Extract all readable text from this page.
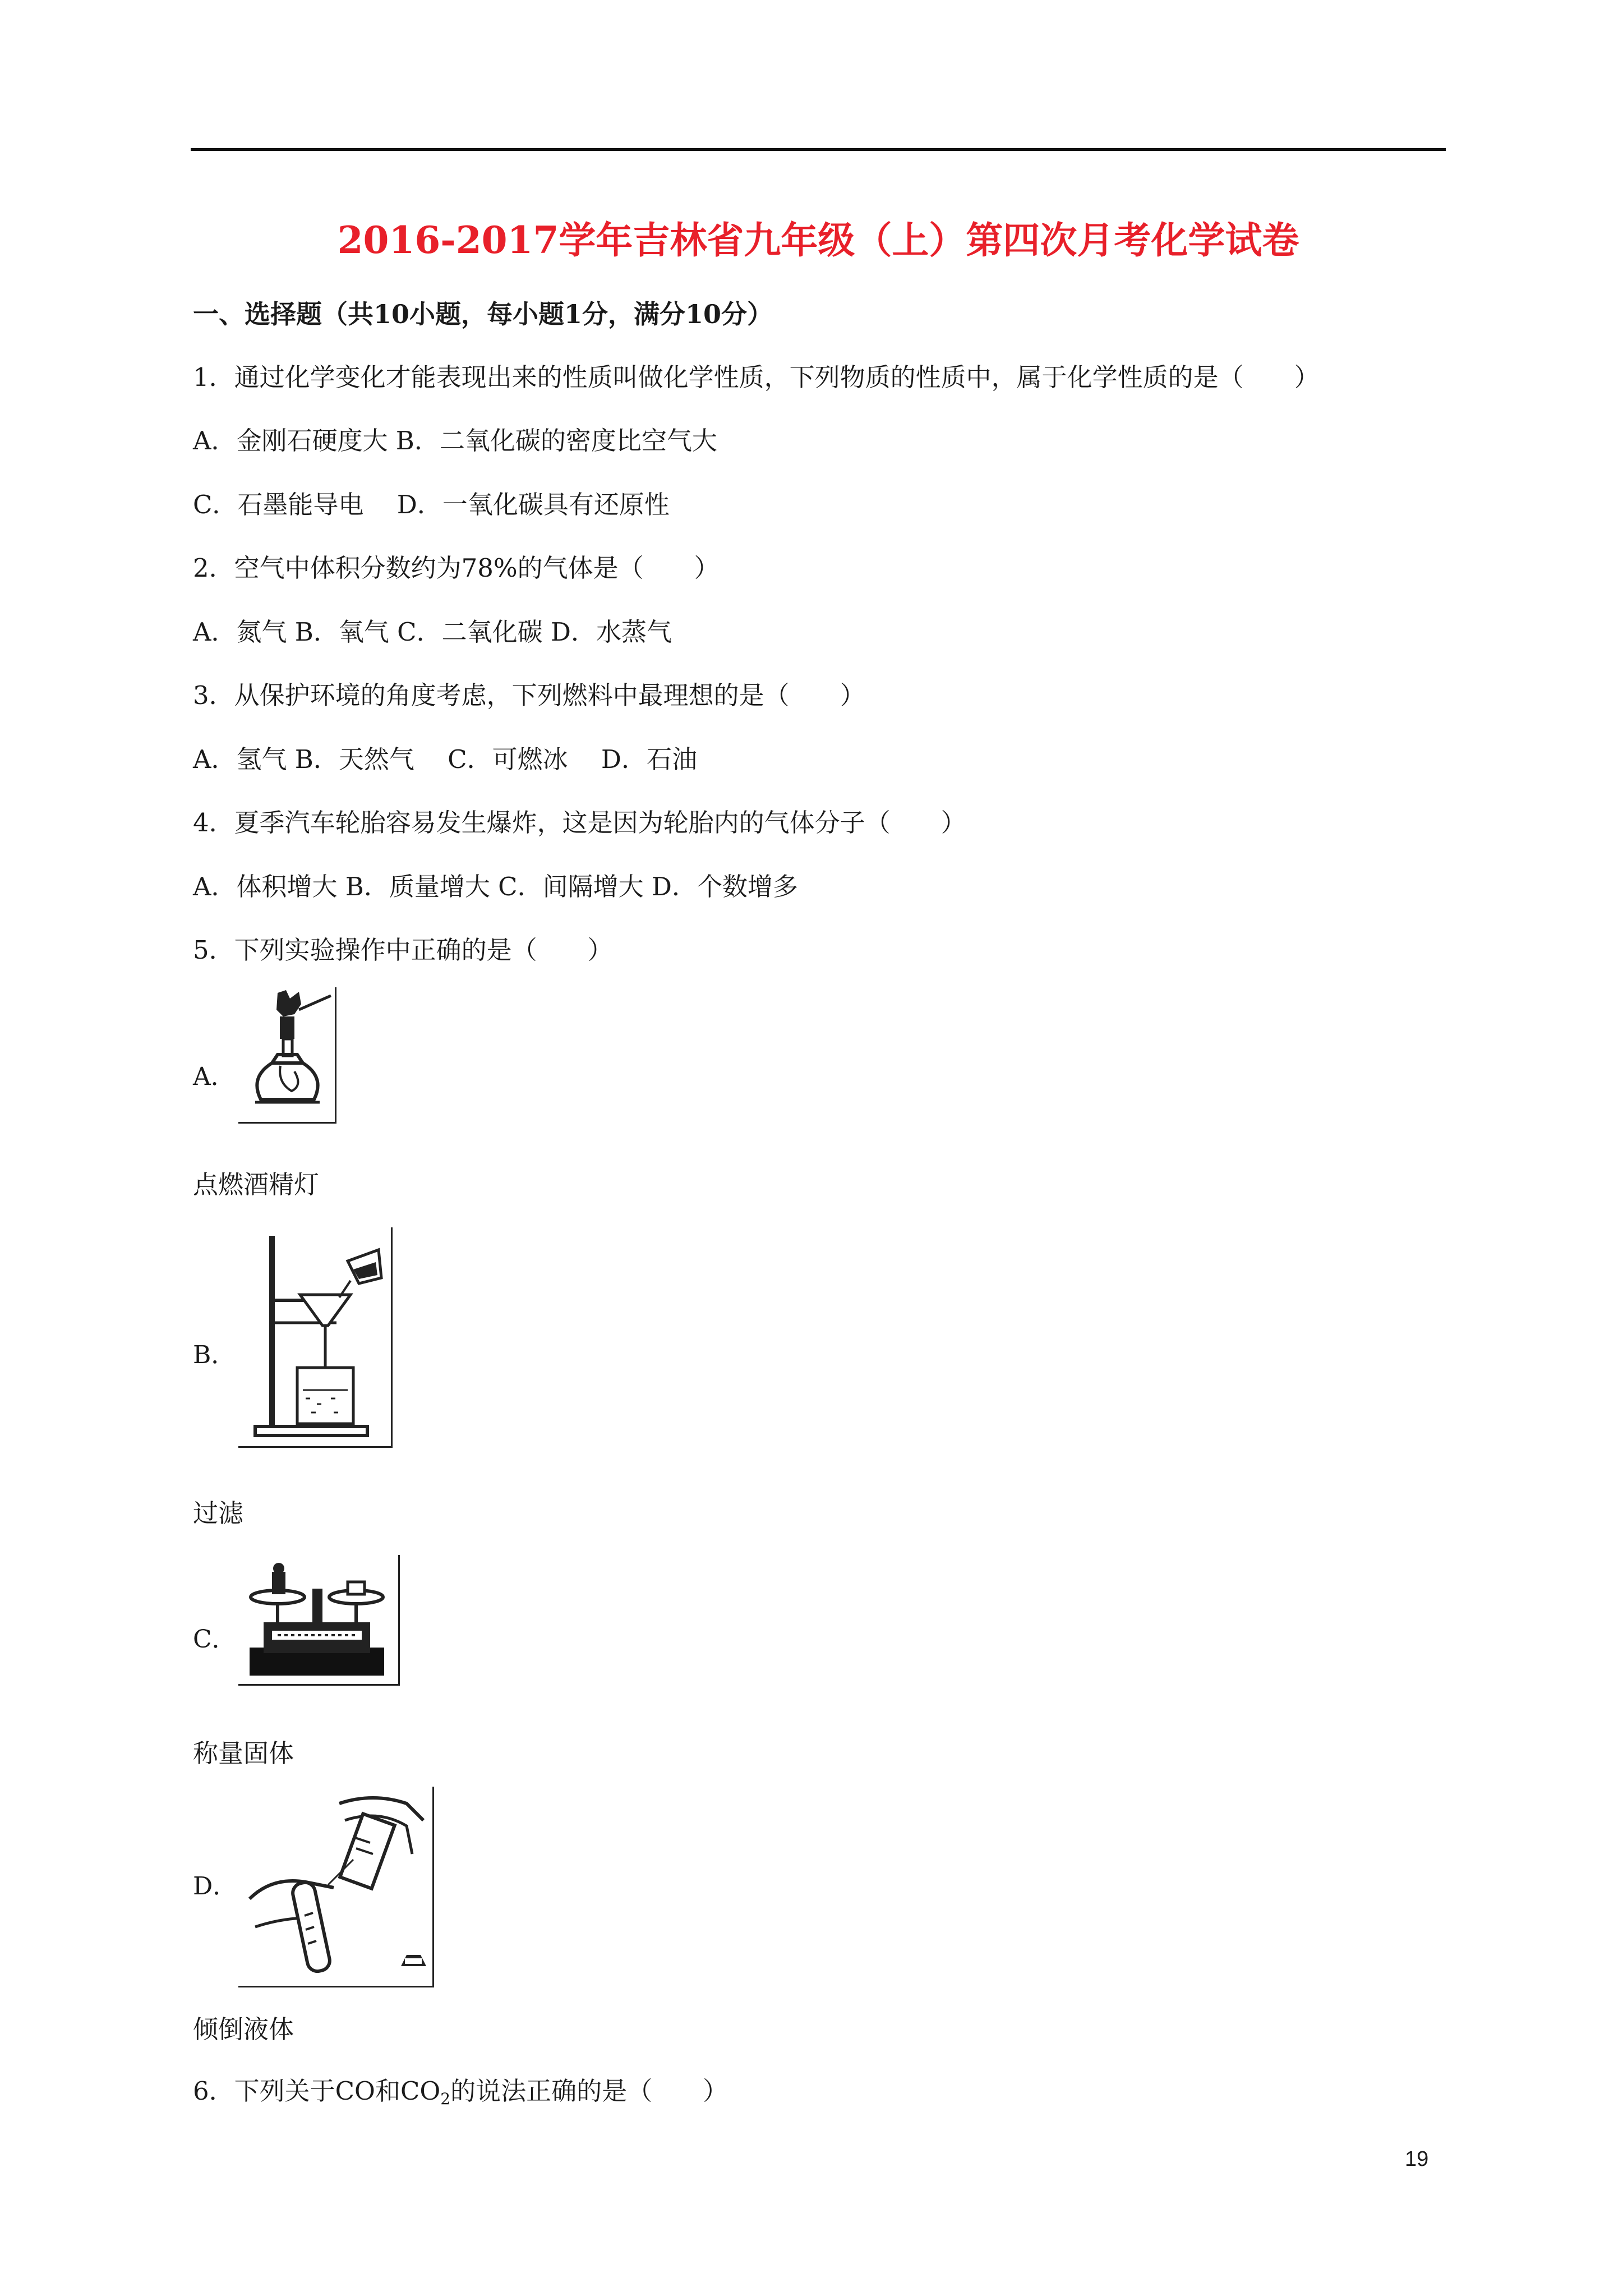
2016-2017学年吉林省九年级（上）第四次月考化学试卷
一、选择题（共10小题，每小题1分，满分10分）
1．通过化学变化才能表现出来的性质叫做化学性质，下列物质的性质中，属于化学性质的是（　　）
A．金刚石硬度大 B．二氧化碳的密度比空气大
C．石墨能导电　 D．一氧化碳具有还原性
2．空气中体积分数约为78%的气体是（　　）
A．氮气 B．氧气 C．二氧化碳 D．水蒸气
3．从保护环境的角度考虑，下列燃料中最理想的是（　　）
A．氢气 B．天然气　 C．可燃冰　 D．石油
4．夏季汽车轮胎容易发生爆炸，这是因为轮胎内的气体分子（　　）
A．体积增大 B．质量增大 C．间隔增大 D．个数增多
5．下列实验操作中正确的是（　　）
A．
点燃酒精灯
B．
过滤
C．
称量固体
D．
倾倒液体
6．下列关于CO和$CO_2$的说法正确的是（　　）
19
